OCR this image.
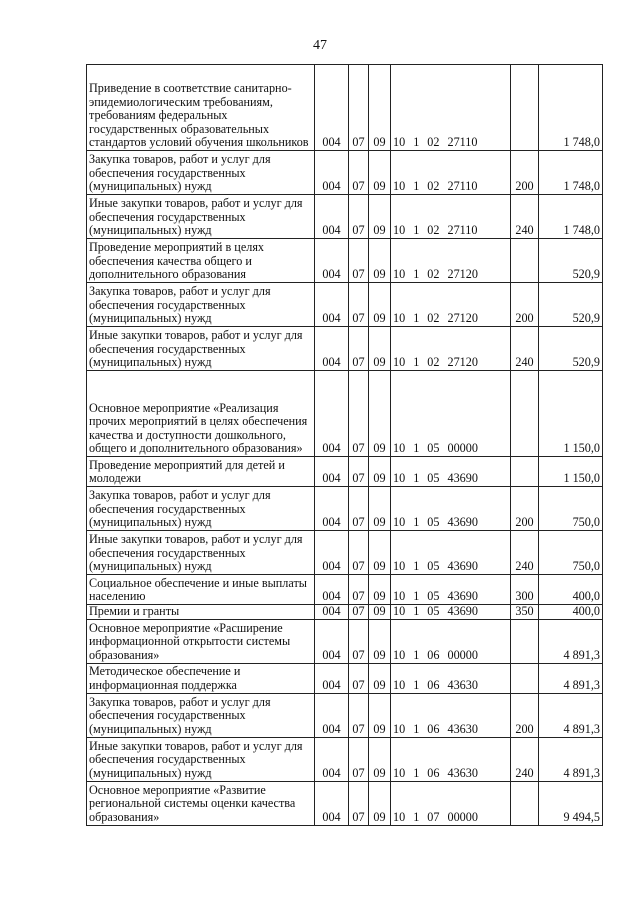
47
Приведение в соответствие санитарно-эпидемиологическим требованиям, требованиям федеральных государственных образовательных стандартов условий обучения школьников	004	07	09	10 1 02 27110		1 748,0
Закупка товаров, работ и услуг для обеспечения государственных (муниципальных) нужд	004	07	09	10 1 02 27110	200	1 748,0
Иные закупки товаров, работ и услуг для обеспечения государственных (муниципальных) нужд	004	07	09	10 1 02 27110	240	1 748,0
Проведение мероприятий в целях обеспечения качества общего и дополнительного образования	004	07	09	10 1 02 27120		520,9
Закупка товаров, работ и услуг для обеспечения государственных (муниципальных) нужд	004	07	09	10 1 02 27120	200	520,9
Иные закупки товаров, работ и услуг для обеспечения государственных (муниципальных) нужд	004	07	09	10 1 02 27120	240	520,9
Основное мероприятие «Реализация прочих мероприятий в целях обеспечения качества и доступности дошкольного, общего и дополнительного образования»	004	07	09	10 1 05 00000		1 150,0
Проведение мероприятий для детей и молодежи	004	07	09	10 1 05 43690		1 150,0
Закупка товаров, работ и услуг для обеспечения государственных (муниципальных) нужд	004	07	09	10 1 05 43690	200	750,0
Иные закупки товаров, работ и услуг для обеспечения государственных (муниципальных) нужд	004	07	09	10 1 05 43690	240	750,0
Социальное обеспечение и иные выплаты населению	004	07	09	10 1 05 43690	300	400,0
Премии и гранты	004	07	09	10 1 05 43690	350	400,0
Основное мероприятие «Расширение информационной открытости системы образования»	004	07	09	10 1 06 00000		4 891,3
Методическое обеспечение и информационная поддержка	004	07	09	10 1 06 43630		4 891,3
Закупка товаров, работ и услуг для обеспечения государственных (муниципальных) нужд	004	07	09	10 1 06 43630	200	4 891,3
Иные закупки товаров, работ и услуг для обеспечения государственных (муниципальных) нужд	004	07	09	10 1 06 43630	240	4 891,3
Основное мероприятие «Развитие региональной системы оценки качества образования»	004	07	09	10 1 07 00000		9 494,5
